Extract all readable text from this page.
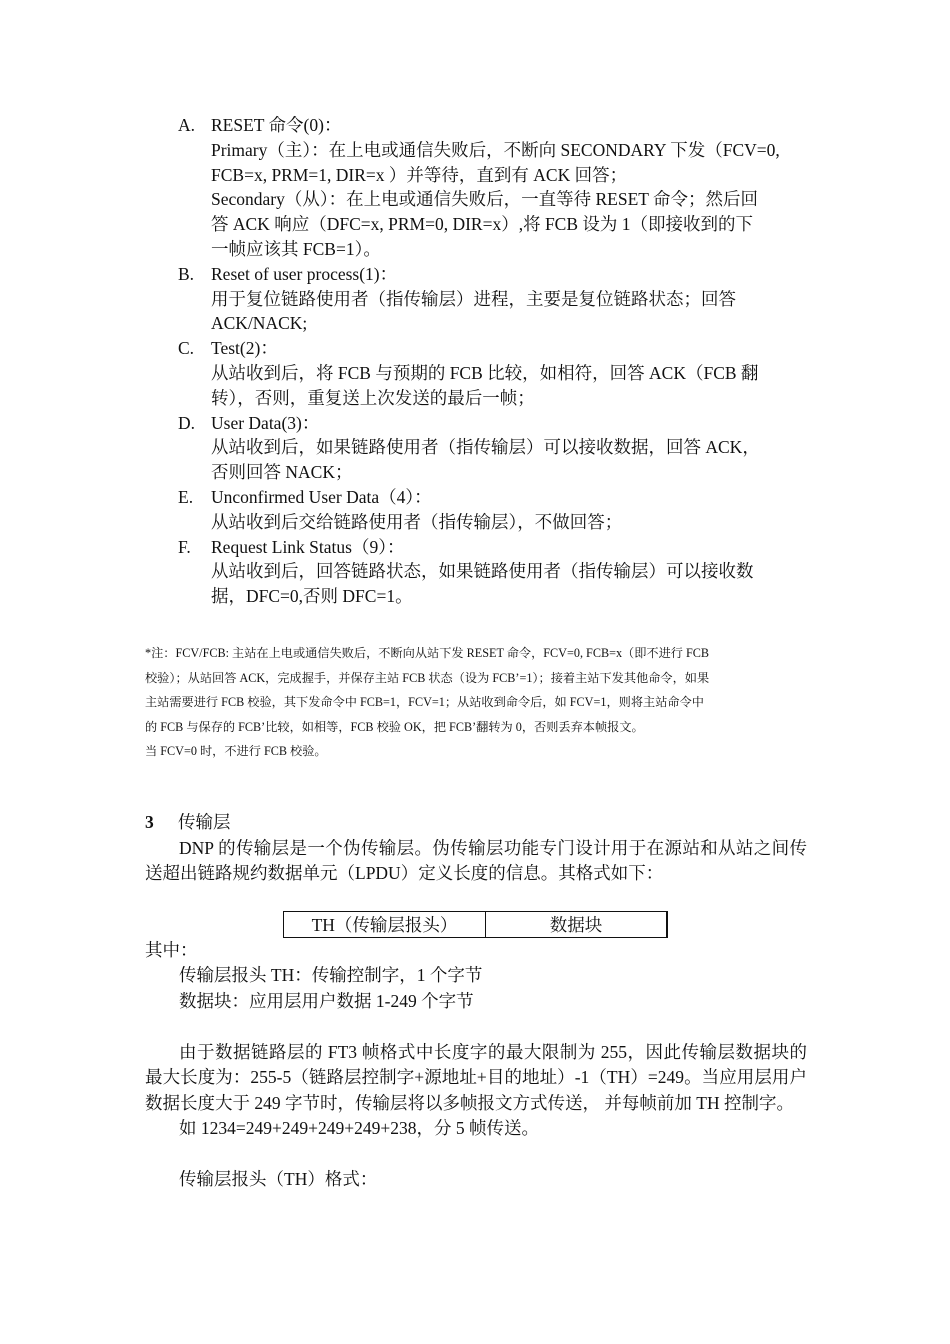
A. RESET 命令(0)：
Primary（主）：在上电或通信失败后，不断向 SECONDARY 下发（FCV=0,
FCB=x, PRM=1, DIR=x ）并等待，直到有 ACK 回答；
Secondary（从）：在上电或通信失败后，一直等待 RESET 命令；然后回
答 ACK 响应（DFC=x, PRM=0, DIR=x）,将 FCB 设为 1（即接收到的下
一帧应该其 FCB=1）。
B. Reset of user process(1)：
用于复位链路使用者（指传输层）进程，主要是复位链路状态；回答
ACK/NACK;
C. Test(2)：
从站收到后，将 FCB 与预期的 FCB 比较，如相符，回答 ACK（FCB 翻
转），否则，重复送上次发送的最后一帧；
D. User Data(3)：
从站收到后，如果链路使用者（指传输层）可以接收数据，回答 ACK，
否则回答 NACK；
E. Unconfirmed User Data（4）：
从站收到后交给链路使用者（指传输层），不做回答；
F. Request Link Status（9）：
从站收到后，回答链路状态，如果链路使用者（指传输层）可以接收数
据，DFC=0,否则 DFC=1。

*注：FCV/FCB: 主站在上电或通信失败后，不断向从站下发 RESET 命令，FCV=0, FCB=x（即不进行 FCB

校验）；从站回答 ACK，完成握手，并保存主站 FCB 状态（设为 FCB’=1）；接着主站下发其他命令，如果

主站需要进行 FCB 校验，其下发命令中 FCB=1，FCV=1；从站收到命令后，如 FCV=1，则将主站命令中

的 FCB 与保存的 FCB’比较，如相等，FCB 校验 OK，把 FCB’翻转为 0，否则丢弃本帧报文。

当 FCV=0 时，不进行 FCB 校验。

3 传输层

DNP 的传输层是一个伪传输层。伪传输层功能专门设计用于在源站和从站之间传送超出链路规约数据单元（LPDU）定义长度的信息。其格式如下：

其中：

传输层报头 TH：传输控制字，1 个字节

数据块：应用层用户数据 1-249 个字节

由于数据链路层的 FT3 帧格式中长度字的最大限制为 255，因此传输层数据块的最大长度为：255-5（链路层控制字+源地址+目的地址）-1（TH）=249。当应用层用户数据长度大于 249 字节时，传输层将以多帧报文方式传送， 并每帧前加 TH 控制字。

如 1234=249+249+249+249+238，分 5 帧传送。

传输层报头（TH）格式：

TH（传输层报头）	数据块
